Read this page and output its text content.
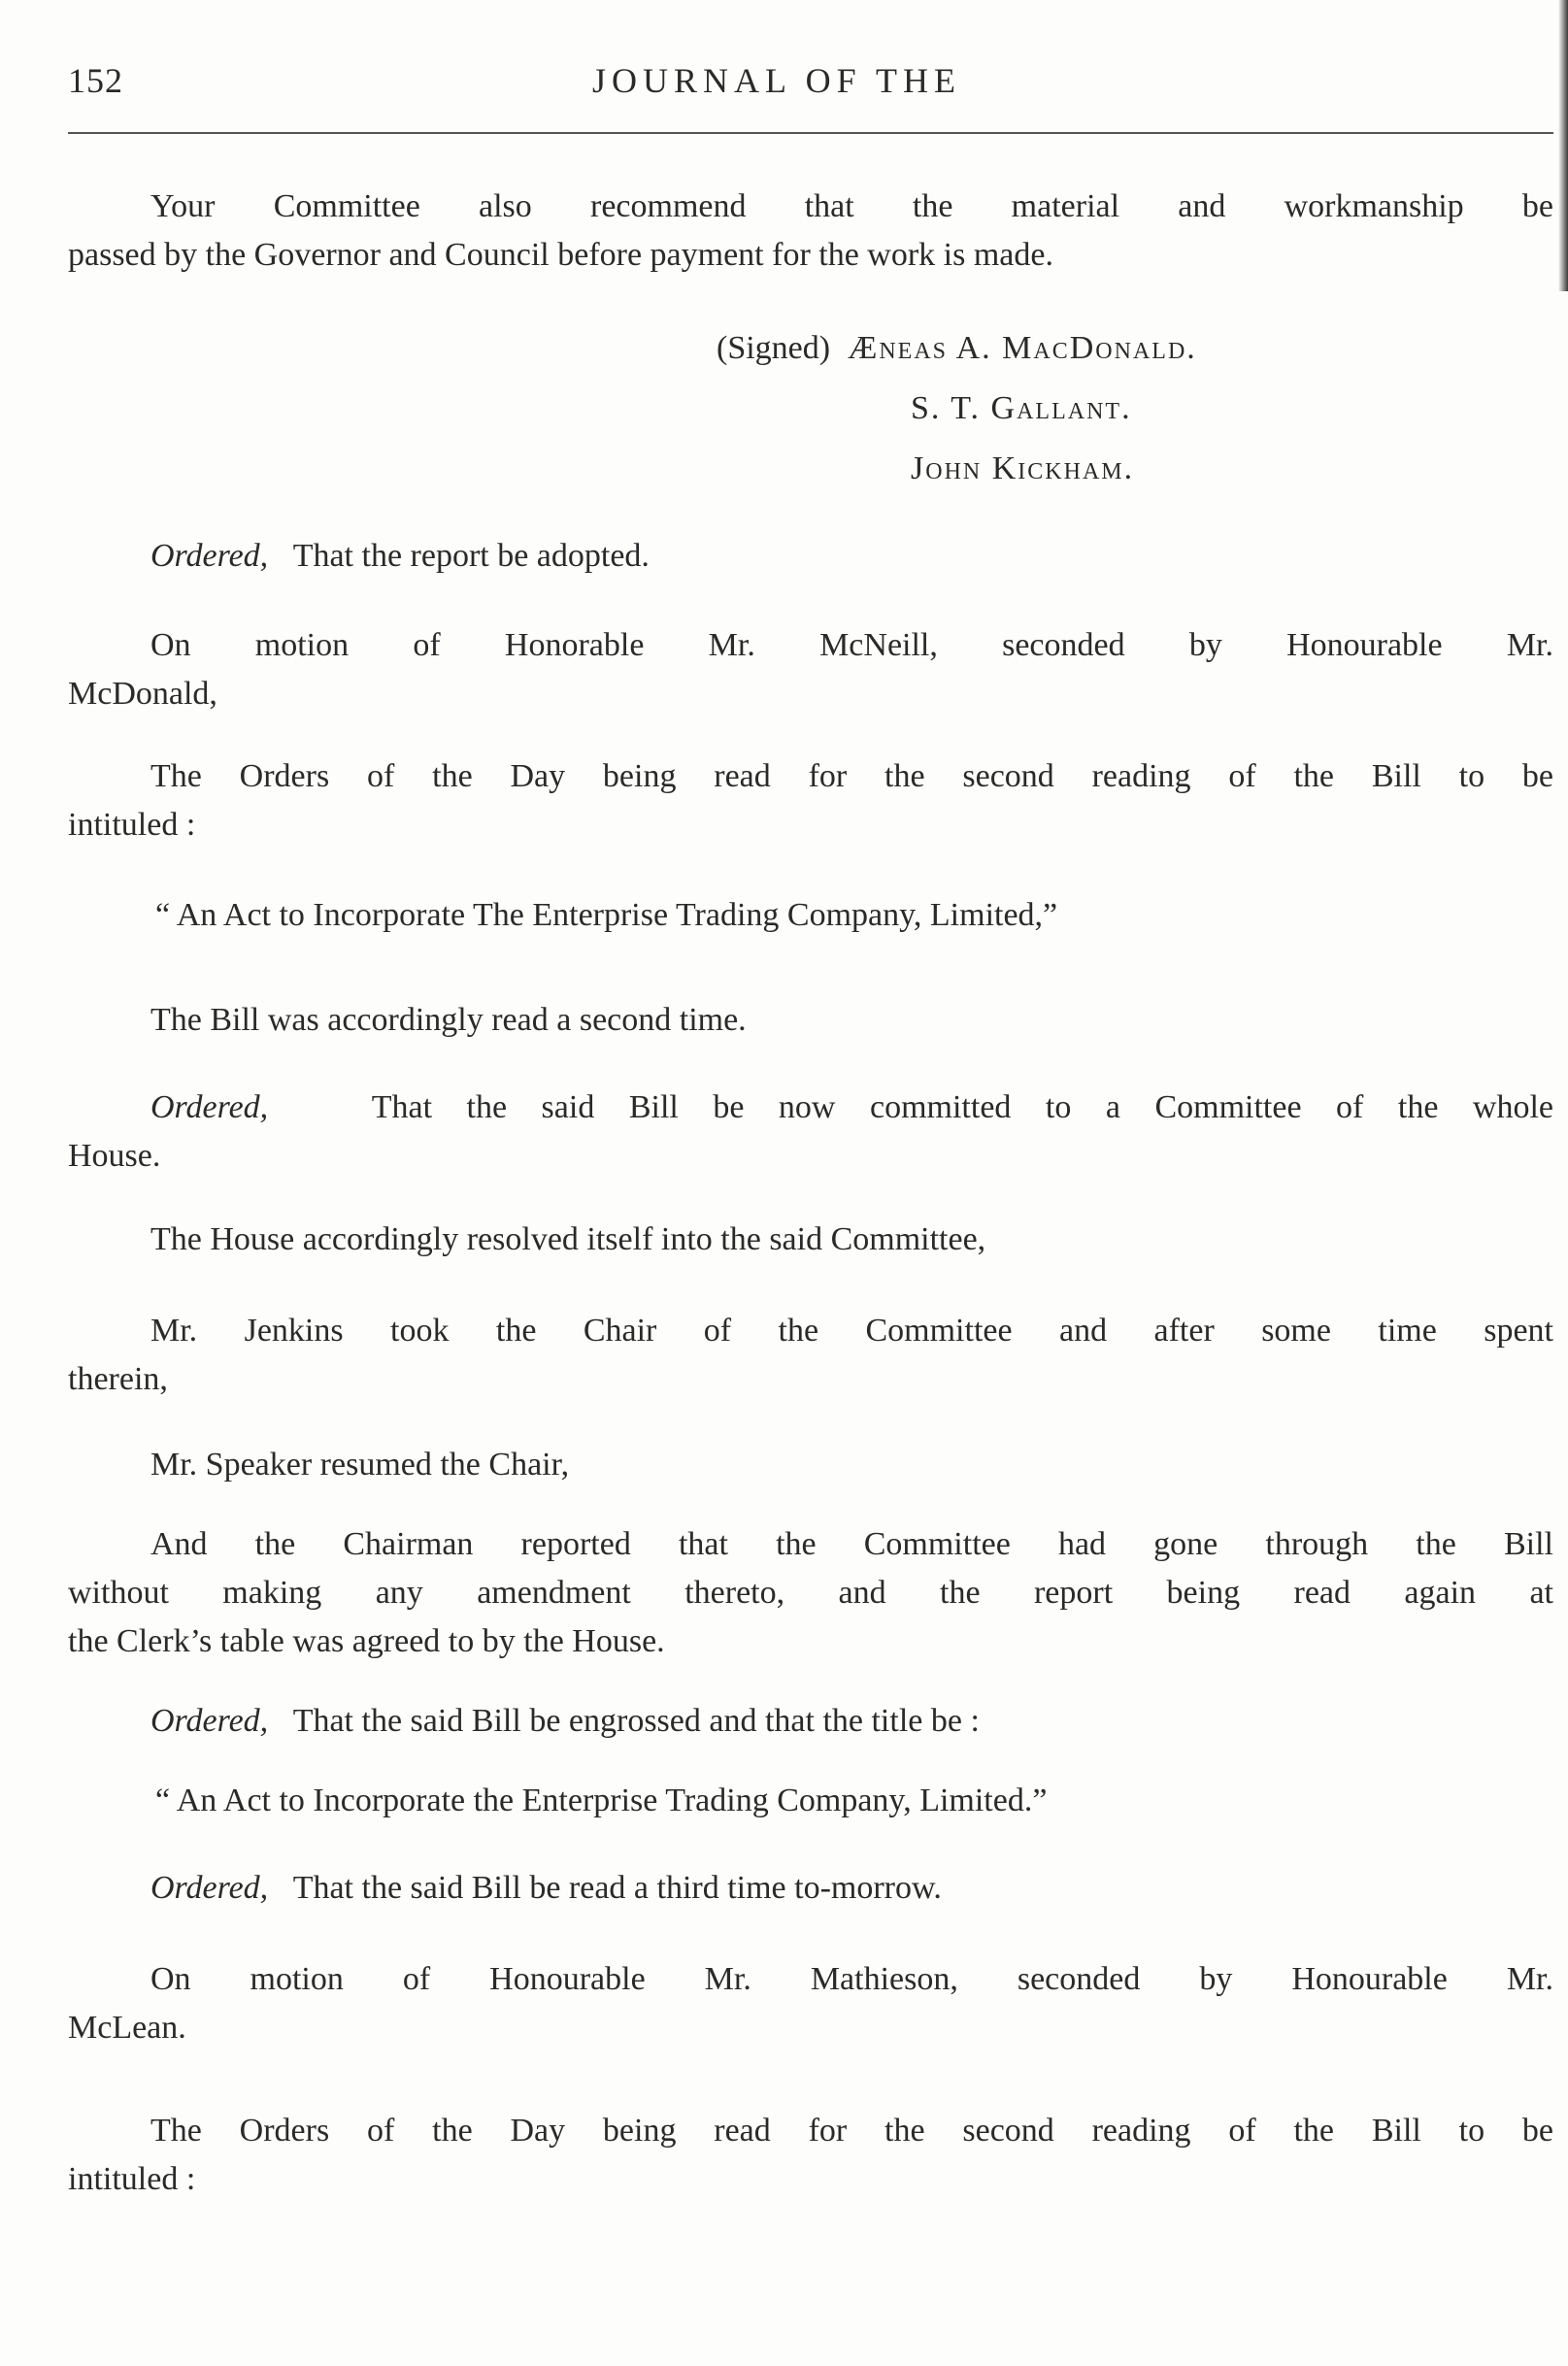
152	JOURNAL OF THE

Your Committee also recommend that the material and workmanship be

passed by the Governor and Council before payment for the work is made.

(Signed) Æneas A. MacDonald.
S. T. Gallant.
John Kickham.

Ordered, That the report be adopted.

On motion of Honorable Mr. McNeill, seconded by Honourable Mr.

McDonald,

The Orders of the Day being read for the second reading of the Bill to be

intituled :

“ An Act to Incorporate The Enterprise Trading Company, Limited,”

The Bill was accordingly read a second time.

Ordered,	That the said Bill be now committed to a Committee of the whole

House.

The House accordingly resolved itself into the said Committee,

Mr. Jenkins took the Chair of the Committee and after some time spent

therein,

Mr. Speaker resumed the Chair,

And the Chairman reported that the Committee had gone through the Bill

without making any amendment thereto, and the report being read again at

the Clerk’s table was agreed to by the House.

Ordered, That the said Bill be engrossed and that the title be :

“ An Act to Incorporate the Enterprise Trading Company, Limited.”

Ordered, That the said Bill be read a third time to-morrow.

On motion of Honourable Mr. Mathieson, seconded by Honourable Mr.

McLean.

The Orders of the Day being read for the second reading of the Bill to be

intituled :
